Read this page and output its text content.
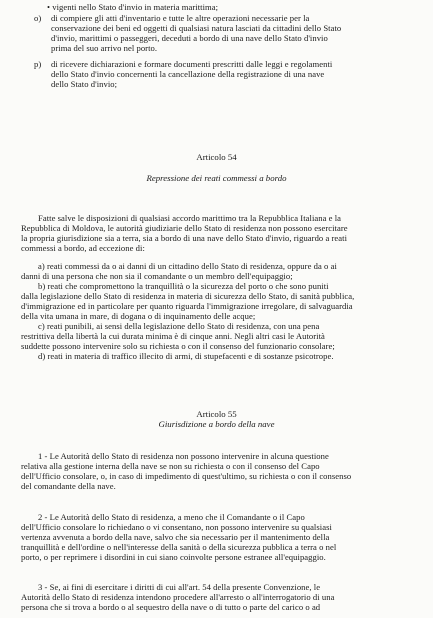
• vigenti nello Stato d'invio in materia marittima;
o) di compiere gli atti d'inventario e tutte le altre operazioni necessarie per la
conservazione dei beni ed oggetti di qualsiasi natura lasciati da cittadini dello Stato
d'invio, marittimi o passeggeri, deceduti a bordo di una nave dello Stato d'invio
prima del suo arrivo nel porto.
p) di ricevere dichiarazioni e formare documenti prescritti dalle leggi e regolamenti
dello Stato d'invio concernenti la cancellazione della registrazione di una nave
dello Stato d'invio;
Articolo 54
Repressione dei reati commessi a bordo
Fatte salve le disposizioni di qualsiasi accordo marittimo tra la Repubblica Italiana e la
Repubblica di Moldova, le autorità giudiziarie dello Stato di residenza non possono esercitare
la propria giurisdizione sia a terra, sia a bordo di una nave dello Stato d'invio, riguardo a reati
commessi a bordo, ad eccezione di:
a) reati commessi da o ai danni di un cittadino dello Stato di residenza, oppure da o ai
danni di una persona che non sia il comandante o un membro dell'equipaggio;
b) reati che compromettono la tranquillità o la sicurezza del porto o che sono puniti
dalla legislazione dello Stato di residenza in materia di sicurezza dello Stato, di sanità pubblica,
d'immigrazione ed in particolare per quanto riguarda l'immigrazione irregolare, di salvaguardia
della vita umana in mare, di dogana o di inquinamento delle acque;
c) reati punibili, ai sensi della legislazione dello Stato di residenza, con una pena
restrittiva della libertà la cui durata minima è di cinque anni. Negli altri casi le Autorità
suddette possono intervenire solo su richiesta o con il consenso del funzionario consolare;
d) reati in materia di traffico illecito di armi, di stupefacenti e di sostanze psicotrope.
Articolo 55
Giurisdizione a bordo della nave
1 - Le Autorità dello Stato di residenza non possono intervenire in alcuna questione
relativa alla gestione interna della nave se non su richiesta o con il consenso del Capo
dell'Ufficio consolare, o, in caso di impedimento di quest'ultimo, su richiesta o con il consenso
del comandante della nave.
2 - Le Autorità dello Stato di residenza, a meno che il Comandante o il Capo
dell'Ufficio consolare lo richiedano o vi consentano, non possono intervenire su qualsiasi
vertenza avvenuta a bordo della nave, salvo che sia necessario per il mantenimento della
tranquillità e dell'ordine o nell'interesse della sanità o della sicurezza pubblica a terra o nel
porto, o per reprimere i disordini in cui siano coinvolte persone estranee all'equipaggio.
3 - Se, ai fini di esercitare i diritti di cui all'art. 54 della presente Convenzione, le
Autorità dello Stato di residenza intendono procedere all'arresto o all'interrogatorio di una
persona che si trova a bordo o al sequestro della nave o di tutto o parte del carico o ad
